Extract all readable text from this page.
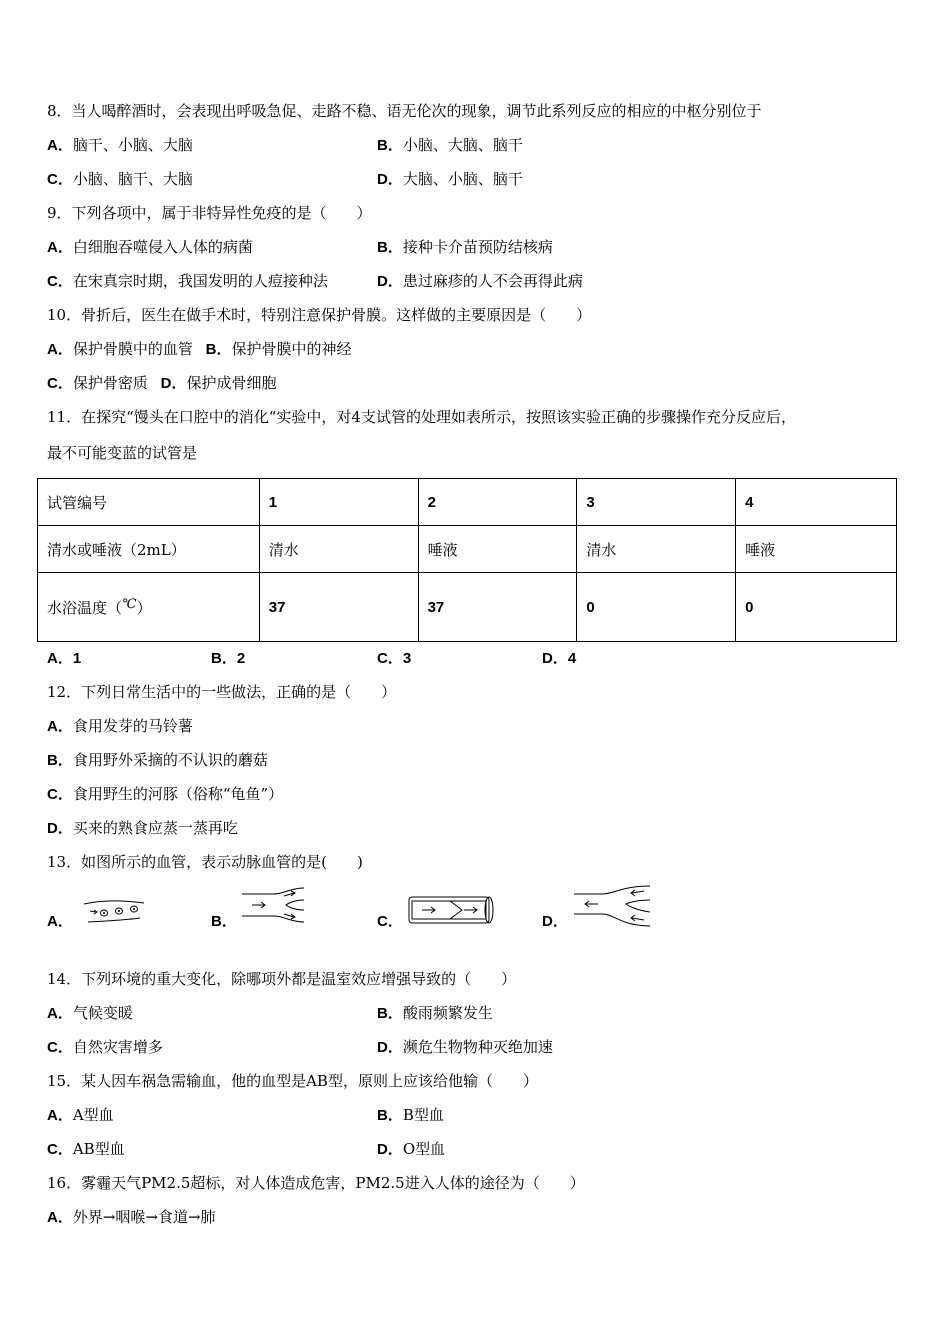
8．当人喝醉酒时，会表现出呼吸急促、走路不稳、语无伦次的现象，调节此系列反应的相应的中枢分别位于
A．脑干、小脑、大脑	B．小脑、大脑、脑干
C．小脑、脑干、大脑	D．大脑、小脑、脑干
9．下列各项中，属于非特异性免疫的是（　　）
A．白细胞吞噬侵入人体的病菌	B．接种卡介苗预防结核病
C．在宋真宗时期，我国发明的人痘接种法	D．患过麻疹的人不会再得此病
10．骨折后，医生在做手术时，特别注意保护骨膜。这样做的主要原因是（　　）
A．保护骨膜中的血管 B．保护骨膜中的神经
C．保护骨密质 D．保护成骨细胞
11．在探究“馒头在口腔中的消化“实验中，对4支试管的处理如表所示，按照该实验正确的步骤操作充分反应后，
最不可能变蓝的试管是
试管编号	1	2	3	4
清水或唾液（2mL）	清水	唾液	清水	唾液
水浴温度（℃）	37	37	0	0
A．1	B．2	C．3	D．4
12．下列日常生活中的一些做法，正确的是（　　）
A．食用发芽的马铃薯
B．食用野外采摘的不认识的蘑菇
C．食用野生的河豚（俗称“龟鱼”）
D．买来的熟食应蒸一蒸再吃
13．如图所示的血管，表示动脉血管的是(　　)
A．	B．	C．	D．
14．下列环境的重大变化，除哪项外都是温室效应增强导致的（　　）
A．气候变暖	B．酸雨频繁发生
C．自然灾害增多	D．濒危生物物种灭绝加速
15．某人因车祸急需输血，他的血型是AB型，原则上应该给他输（　　）
A．A型血	B．B型血
C．AB型血	D．O型血
16．雾霾天气PM2.5超标，对人体造成危害，PM2.5进入人体的途径为（　　）
A．外界→咽喉→食道→肺
